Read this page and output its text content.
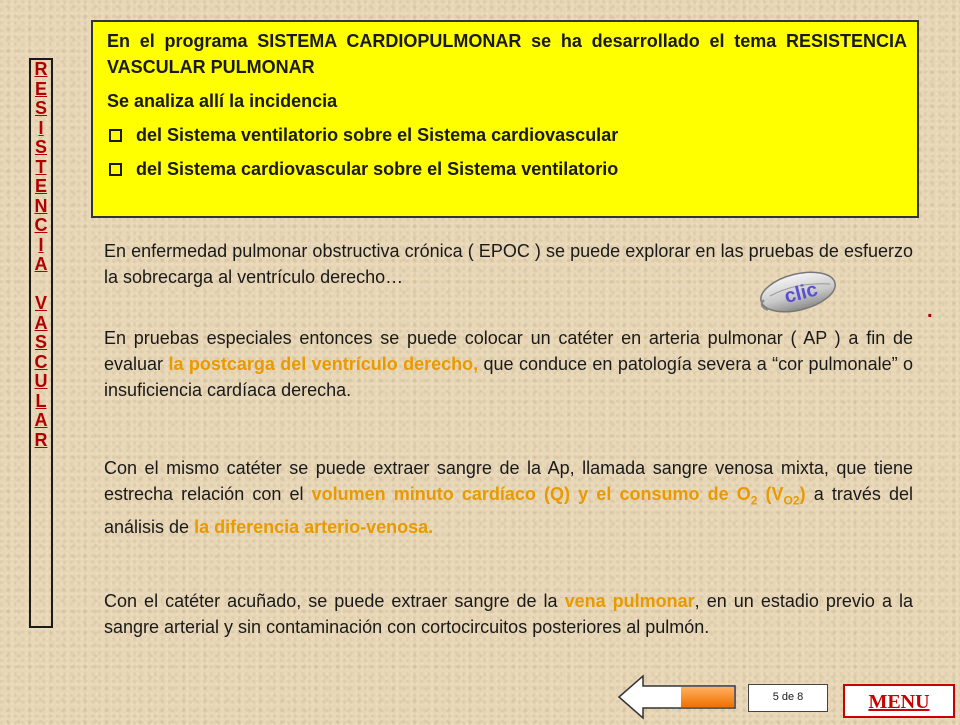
R
E
S
I
S
T
E
N
C
I
A
V
A
S
C
U
L
A
R

En el programa SISTEMA CARDIOPULMONAR se ha desarrollado el tema RESISTENCIA VASCULAR PULMONAR

Se analiza allí la incidencia

del Sistema ventilatorio sobre el Sistema cardiovascular
del Sistema cardiovascular sobre el Sistema ventilatorio

En enfermedad pulmonar obstructiva crónica ( EPOC ) se puede explorar en las pruebas de esfuerzo la sobrecarga al ventrículo derecho…

clic
.

En pruebas especiales entonces se puede colocar un catéter en arteria pulmonar ( AP ) a fin de evaluar la postcarga del ventrículo derecho, que conduce en patología severa a “cor pulmonale” o insuficiencia cardíaca derecha.

Con el mismo catéter se puede extraer sangre de la Ap, llamada sangre venosa mixta, que tiene estrecha relación con el volumen minuto cardíaco (Q) y el consumo de $O_2$ $(V_{O2})$ a través del análisis de la diferencia arterio-venosa.

Con el catéter acuñado, se puede extraer sangre de la vena pulmonar, en un estadio previo a la sangre arterial y sin contaminación con cortocircuitos posteriores al pulmón.

5 de 8	MENU
